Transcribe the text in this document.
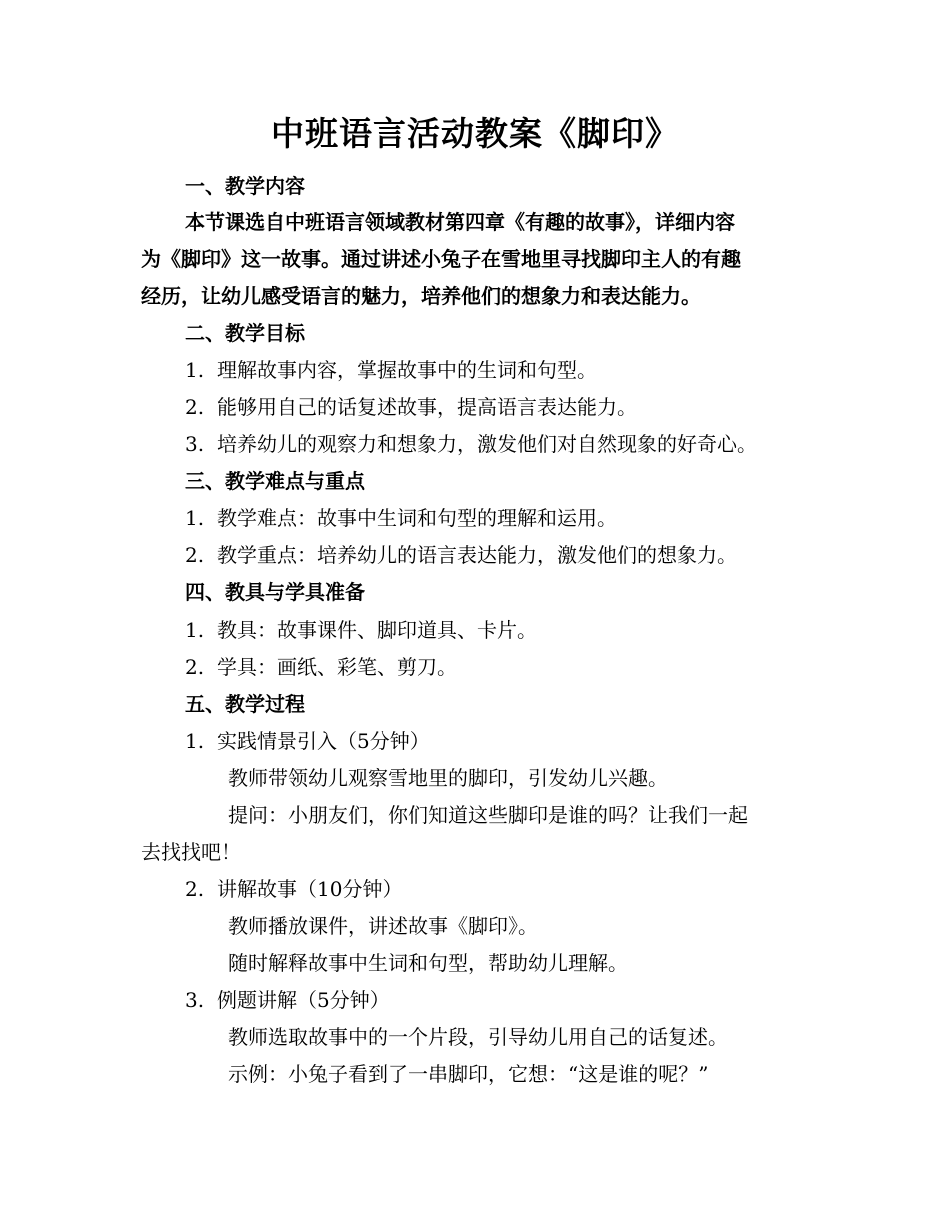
中班语言活动教案《脚印》
一、教学内容
本节课选自中班语言领域教材第四章《有趣的故事》，详细内容
为《脚印》这一故事。通过讲述小兔子在雪地里寻找脚印主人的有趣
经历，让幼儿感受语言的魅力，培养他们的想象力和表达能力。
二、教学目标
1. 理解故事内容，掌握故事中的生词和句型。
2. 能够用自己的话复述故事，提高语言表达能力。
3. 培养幼儿的观察力和想象力，激发他们对自然现象的好奇心。
三、教学难点与重点
1. 教学难点：故事中生词和句型的理解和运用。
2. 教学重点：培养幼儿的语言表达能力，激发他们的想象力。
四、教具与学具准备
1. 教具：故事课件、脚印道具、卡片。
2. 学具：画纸、彩笔、剪刀。
五、教学过程
1. 实践情景引入（5分钟）
教师带领幼儿观察雪地里的脚印，引发幼儿兴趣。
提问：小朋友们，你们知道这些脚印是谁的吗？让我们一起
去找找吧！
2. 讲解故事（10分钟）
教师播放课件，讲述故事《脚印》。
随时解释故事中生词和句型，帮助幼儿理解。
3. 例题讲解（5分钟）
教师选取故事中的一个片段，引导幼儿用自己的话复述。
示例：小兔子看到了一串脚印，它想：“这是谁的呢？”
